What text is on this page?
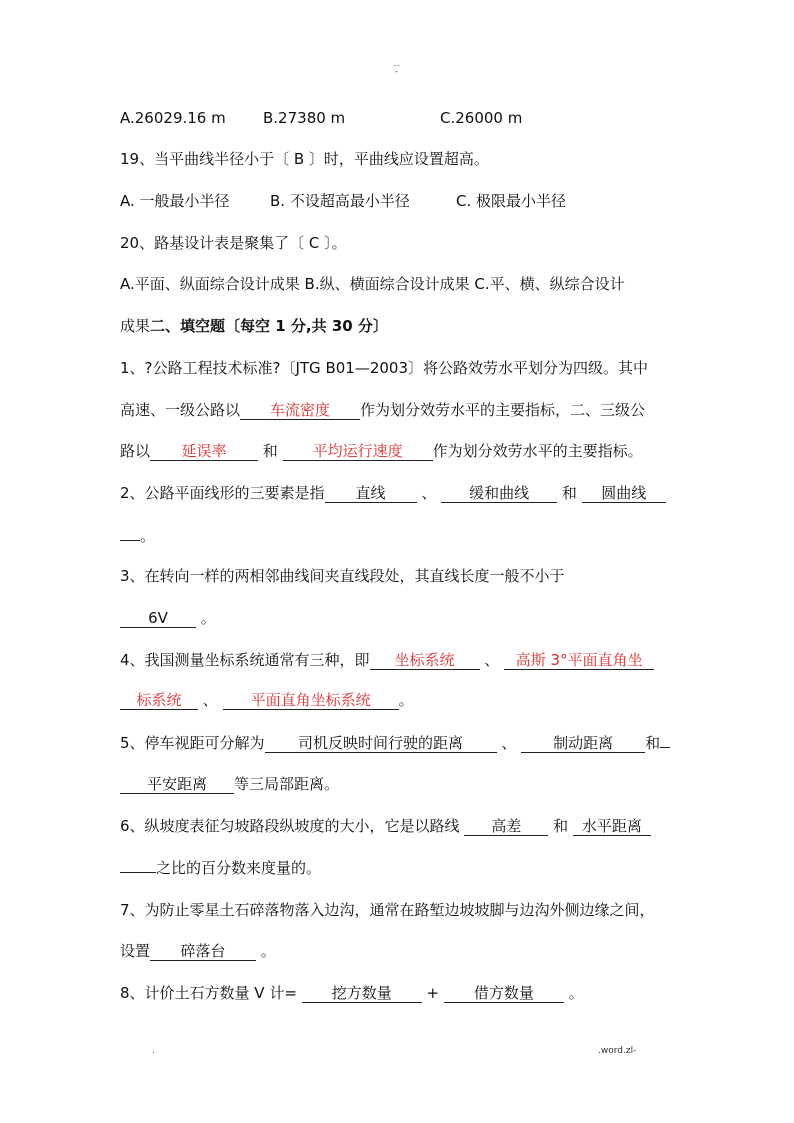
..
-
A.26029.16 m B.27380 m	C.26000 m
19、当平曲线半径小于〔 B 〕时，平曲线应设置超高。
A. 一般最小半径	B. 不设超高最小半径	C. 极限最小半径
20、路基设计表是聚集了〔 C 〕。
A.平面、纵面综合设计成果 B.纵、横面综合设计成果 C.平、横、纵综合设计
成果二、填空题〔每空 1 分,共 30 分〕
1、?公路工程技术标准?〔JTG B01—2003〕将公路效劳水平划分为四级。其中
高速、一级公路以 车流密度 作为划分效劳水平的主要指标，二、三级公
路以 延误率 和 平均运行速度 作为划分效劳水平的主要指标。
2、公路平面线形的三要素是指 直线 、 缓和曲线 和 圆曲线
。
3、在转向一样的两相邻曲线间夹直线段处，其直线长度一般不小于
6V 。
4、我国测量坐标系统通常有三种，即 坐标系统 、 高斯 3°平面直角坐
标系统 、 平面直角坐标系统 。
5、停车视距可分解为 司机反映时间行驶的距离	、 制动距离 和
平安距离 等三局部距离。
6、纵坡度表征匀坡路段纵坡度的大小，它是以路线 高差 和 水平距离
之比的百分数来度量的。
7、为防止零星土石碎落物落入边沟，通常在路堑边坡坡脚与边沟外侧边缘之间，
设置 碎落台 。
8、计价土石方数量 V 计= 挖方数量 + 借方数量 。
.	.word.zl-
